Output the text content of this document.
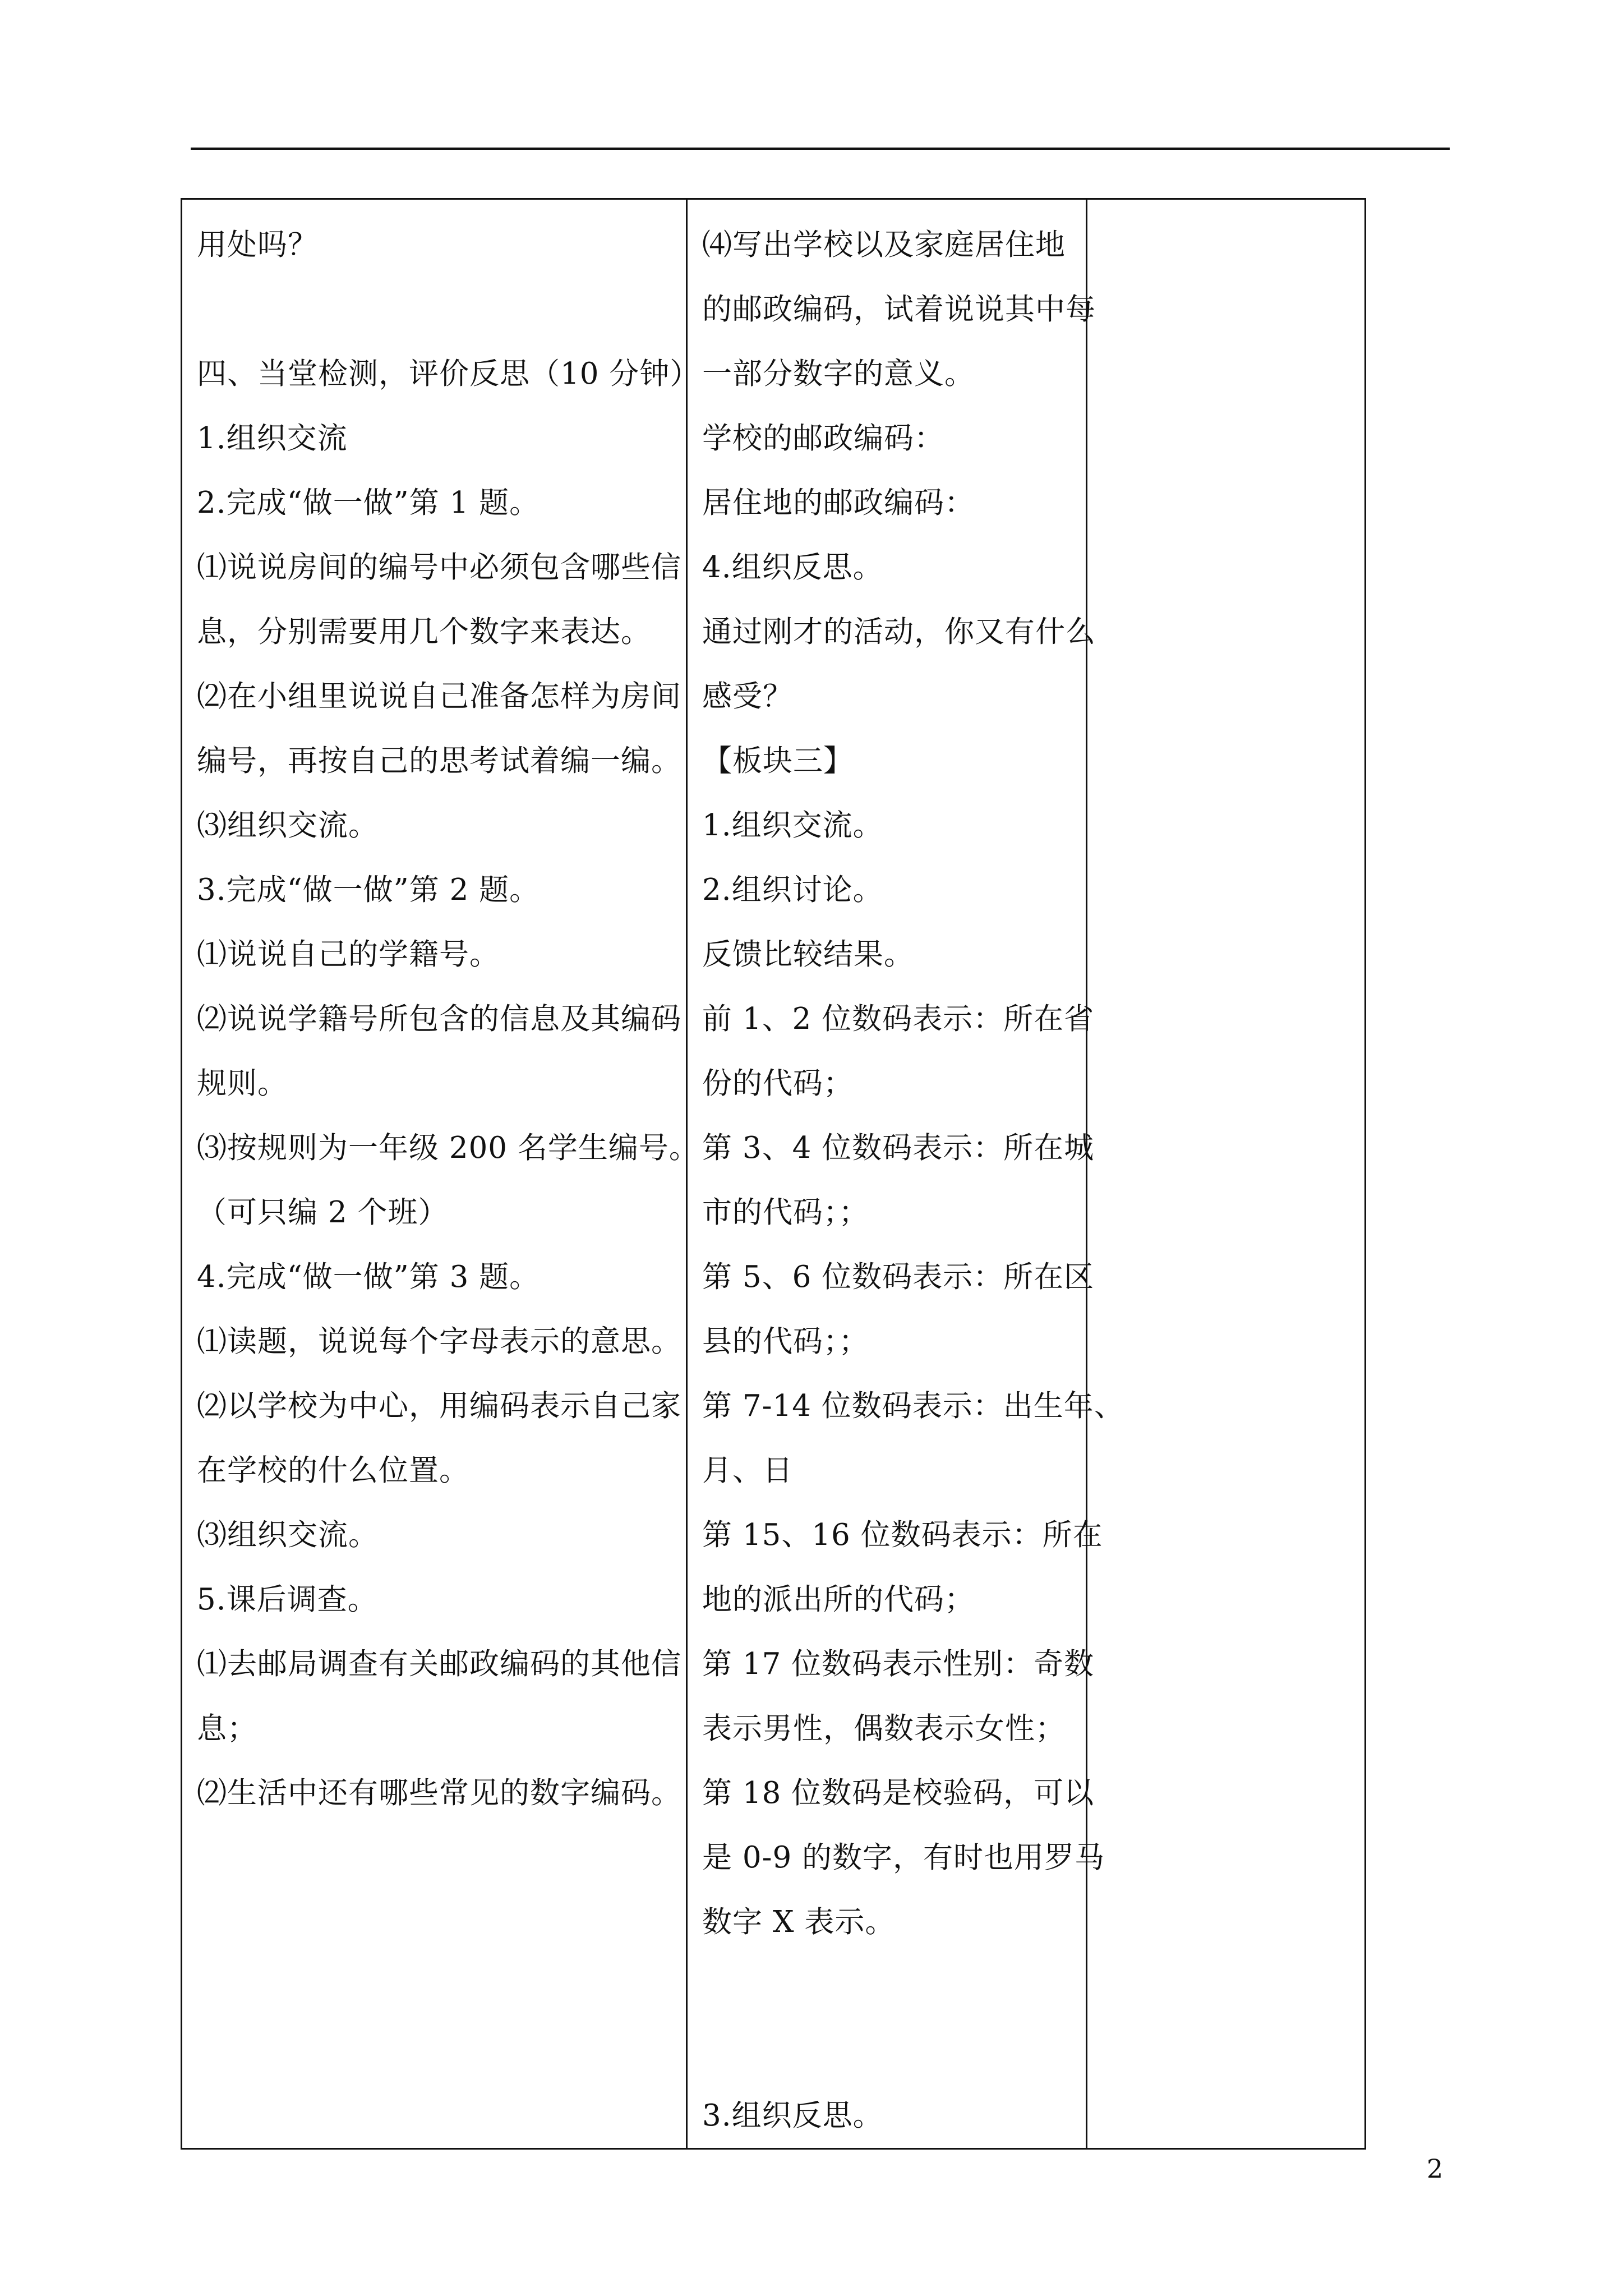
用处吗？
四、当堂检测，评价反思（10 分钟）
1.组织交流
2.完成“做一做”第 1 题。
⑴说说房间的编号中必须包含哪些信
息，分别需要用几个数字来表达。
⑵在小组里说说自己准备怎样为房间
编号，再按自己的思考试着编一编。
⑶组织交流。
3.完成“做一做”第 2 题。
⑴说说自己的学籍号。
⑵说说学籍号所包含的信息及其编码
规则。
⑶按规则为一年级 200 名学生编号。
（可只编 2 个班）
4.完成“做一做”第 3 题。
⑴读题，说说每个字母表示的意思。
⑵以学校为中心，用编码表示自己家
在学校的什么位置。
⑶组织交流。
5.课后调查。
⑴去邮局调查有关邮政编码的其他信
息；
⑵生活中还有哪些常见的数字编码。

⑷写出学校以及家庭居住地
的邮政编码，试着说说其中每
一部分数字的意义。
学校的邮政编码：
居住地的邮政编码：
4.组织反思。
通过刚才的活动，你又有什么
感受？
【板块三】
1.组织交流。
2.组织讨论。
反馈比较结果。
前 1、2 位数码表示：所在省
份的代码；
第 3、4 位数码表示：所在城
市的代码；；
第 5、6 位数码表示：所在区
县的代码；；
第 7-14 位数码表示：出生年、
月、日
第 15、16 位数码表示：所在
地的派出所的代码；
第 17 位数码表示性别：奇数
表示男性，偶数表示女性；
第 18 位数码是校验码，可以
是 0-9 的数字，有时也用罗马
数字 X 表示。
3.组织反思。

2
